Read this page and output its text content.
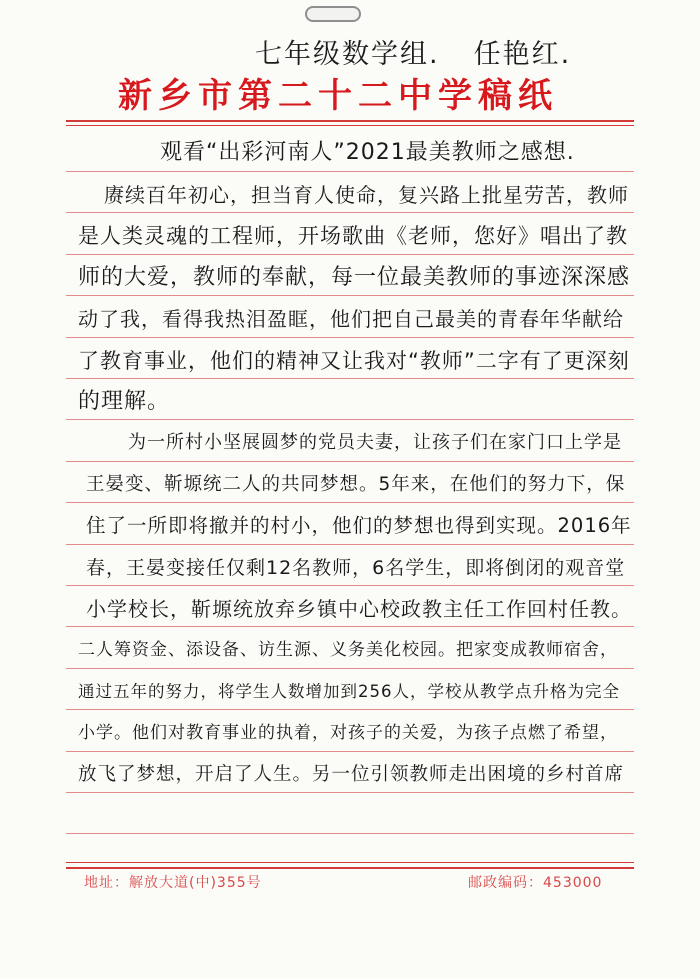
七年级数学组. 任艳红.
新乡市第二十二中学稿纸
观看“出彩河南人”2021最美教师之感想.
赓续百年初心，担当育人使命，复兴路上批星劳苦，教师
是人类灵魂的工程师，开场歌曲《老师，您好》唱出了教
师的大爱，教师的奉献，每一位最美教师的事迹深深感
动了我，看得我热泪盈眶，他们把自己最美的青春年华献给
了教育事业，他们的精神又让我对“教师”二字有了更深刻
的理解。
为一所村小坚展圆梦的党员夫妻，让孩子们在家门口上学是
王晏变、靳塬统二人的共同梦想。5年来，在他们的努力下，保
住了一所即将撤并的村小，他们的梦想也得到实现。2016年
春，王晏变接任仅剩12名教师，6名学生，即将倒闭的观音堂
小学校长，靳塬统放弃乡镇中心校政教主任工作回村任教。
二人筹资金、添设备、访生源、义务美化校园。把家变成教师宿舍，
通过五年的努力，将学生人数增加到256人，学校从教学点升格为完全
小学。他们对教育事业的执着，对孩子的关爱，为孩子点燃了希望，
放飞了梦想，开启了人生。另一位引领教师走出困境的乡村首席
地址：解放大道(中)355号	邮政编码：453000
